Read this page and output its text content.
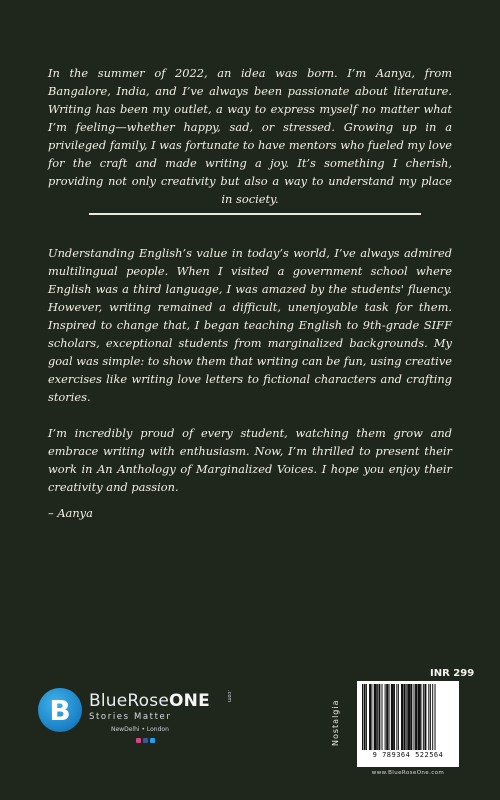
In the summer of 2022, an idea was born. I’m Aanya, from Bangalore, India, and I’ve always been passionate about literature. Writing has been my outlet, a way to express myself no matter what I’m feeling—whether happy, sad, or stressed. Growing up in a privileged family, I was fortunate to have mentors who fueled my love for the craft and made writing a joy. It’s something I cherish, providing not only creativity but also a way to understand my place in society.

Understanding English’s value in today’s world, I’ve always admired multilingual people. When I visited a government school where English was a third language, I was amazed by the students' fluency. However, writing remained a difficult, unenjoyable task for them. Inspired to change that, I began teaching English to 9th-grade SIFF scholars, exceptional students from marginalized backgrounds. My goal was simple: to show them that writing can be fun, using creative exercises like writing love letters to fictional characters and crafting stories.

I’m incredibly proud of every student, watching them grow and embrace writing with enthusiasm. Now, I’m thrilled to present their work in An Anthology of Marginalized Voices. I hope you enjoy their creativity and passion.

– Aanya

B	BlueRoseONE	.com
Stories Matter
NewDelhi • London
INR 299
Nostalgia
9 789364 522564
www.BlueRoseOne.com
